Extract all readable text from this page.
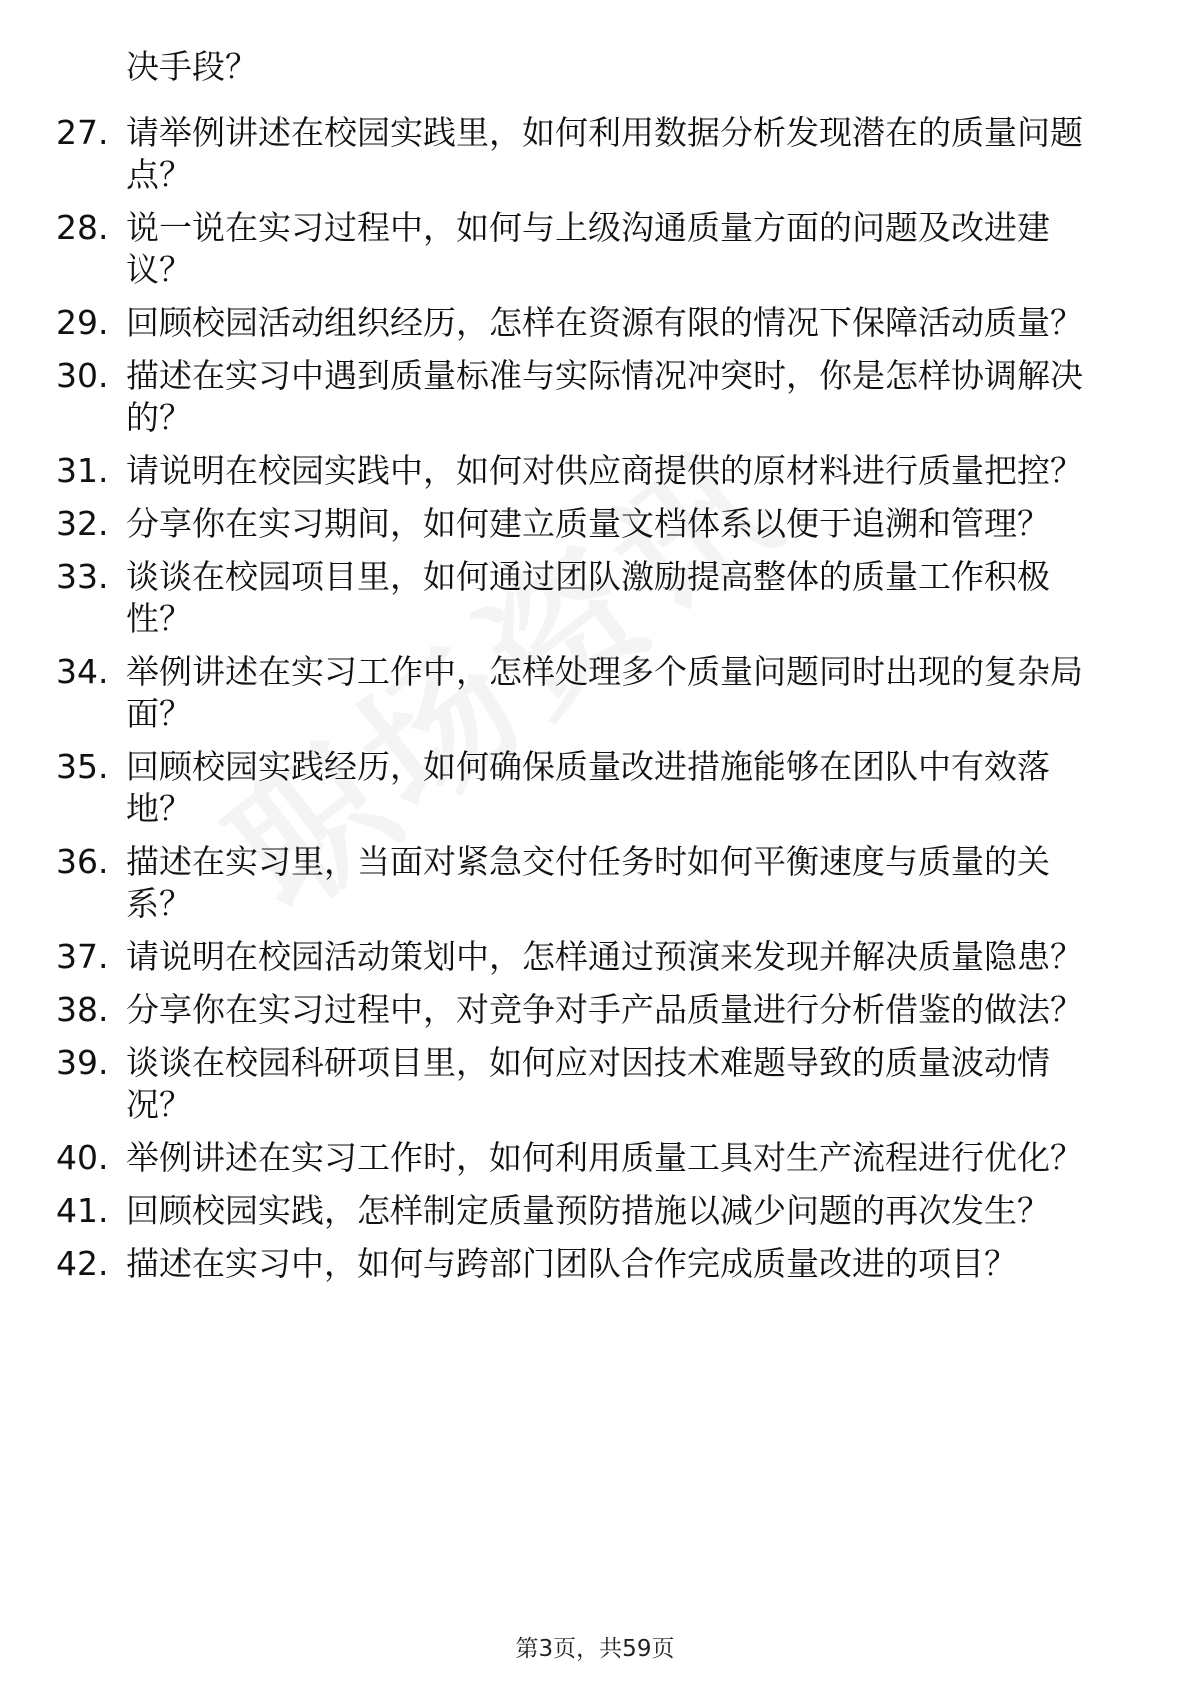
决手段？
27. 请举例讲述在校园实践里，如何利用数据分析发现潜在的质量问题点？
28. 说一说在实习过程中，如何与上级沟通质量方面的问题及改进建议？
29. 回顾校园活动组织经历，怎样在资源有限的情况下保障活动质量？
30. 描述在实习中遇到质量标准与实际情况冲突时，你是怎样协调解决的？
31. 请说明在校园实践中，如何对供应商提供的原材料进行质量把控？
32. 分享你在实习期间，如何建立质量文档体系以便于追溯和管理？
33. 谈谈在校园项目里，如何通过团队激励提高整体的质量工作积极性？
34. 举例讲述在实习工作中，怎样处理多个质量问题同时出现的复杂局面？
35. 回顾校园实践经历，如何确保质量改进措施能够在团队中有效落地？
36. 描述在实习里，当面对紧急交付任务时如何平衡速度与质量的关系？
37. 请说明在校园活动策划中，怎样通过预演来发现并解决质量隐患？
38. 分享你在实习过程中，对竞争对手产品质量进行分析借鉴的做法？
39. 谈谈在校园科研项目里，如何应对因技术难题导致的质量波动情况？
40. 举例讲述在实习工作时，如何利用质量工具对生产流程进行优化？
41. 回顾校园实践，怎样制定质量预防措施以减少问题的再次发生？
42. 描述在实习中，如何与跨部门团队合作完成质量改进的项目？
第3页，共59页
